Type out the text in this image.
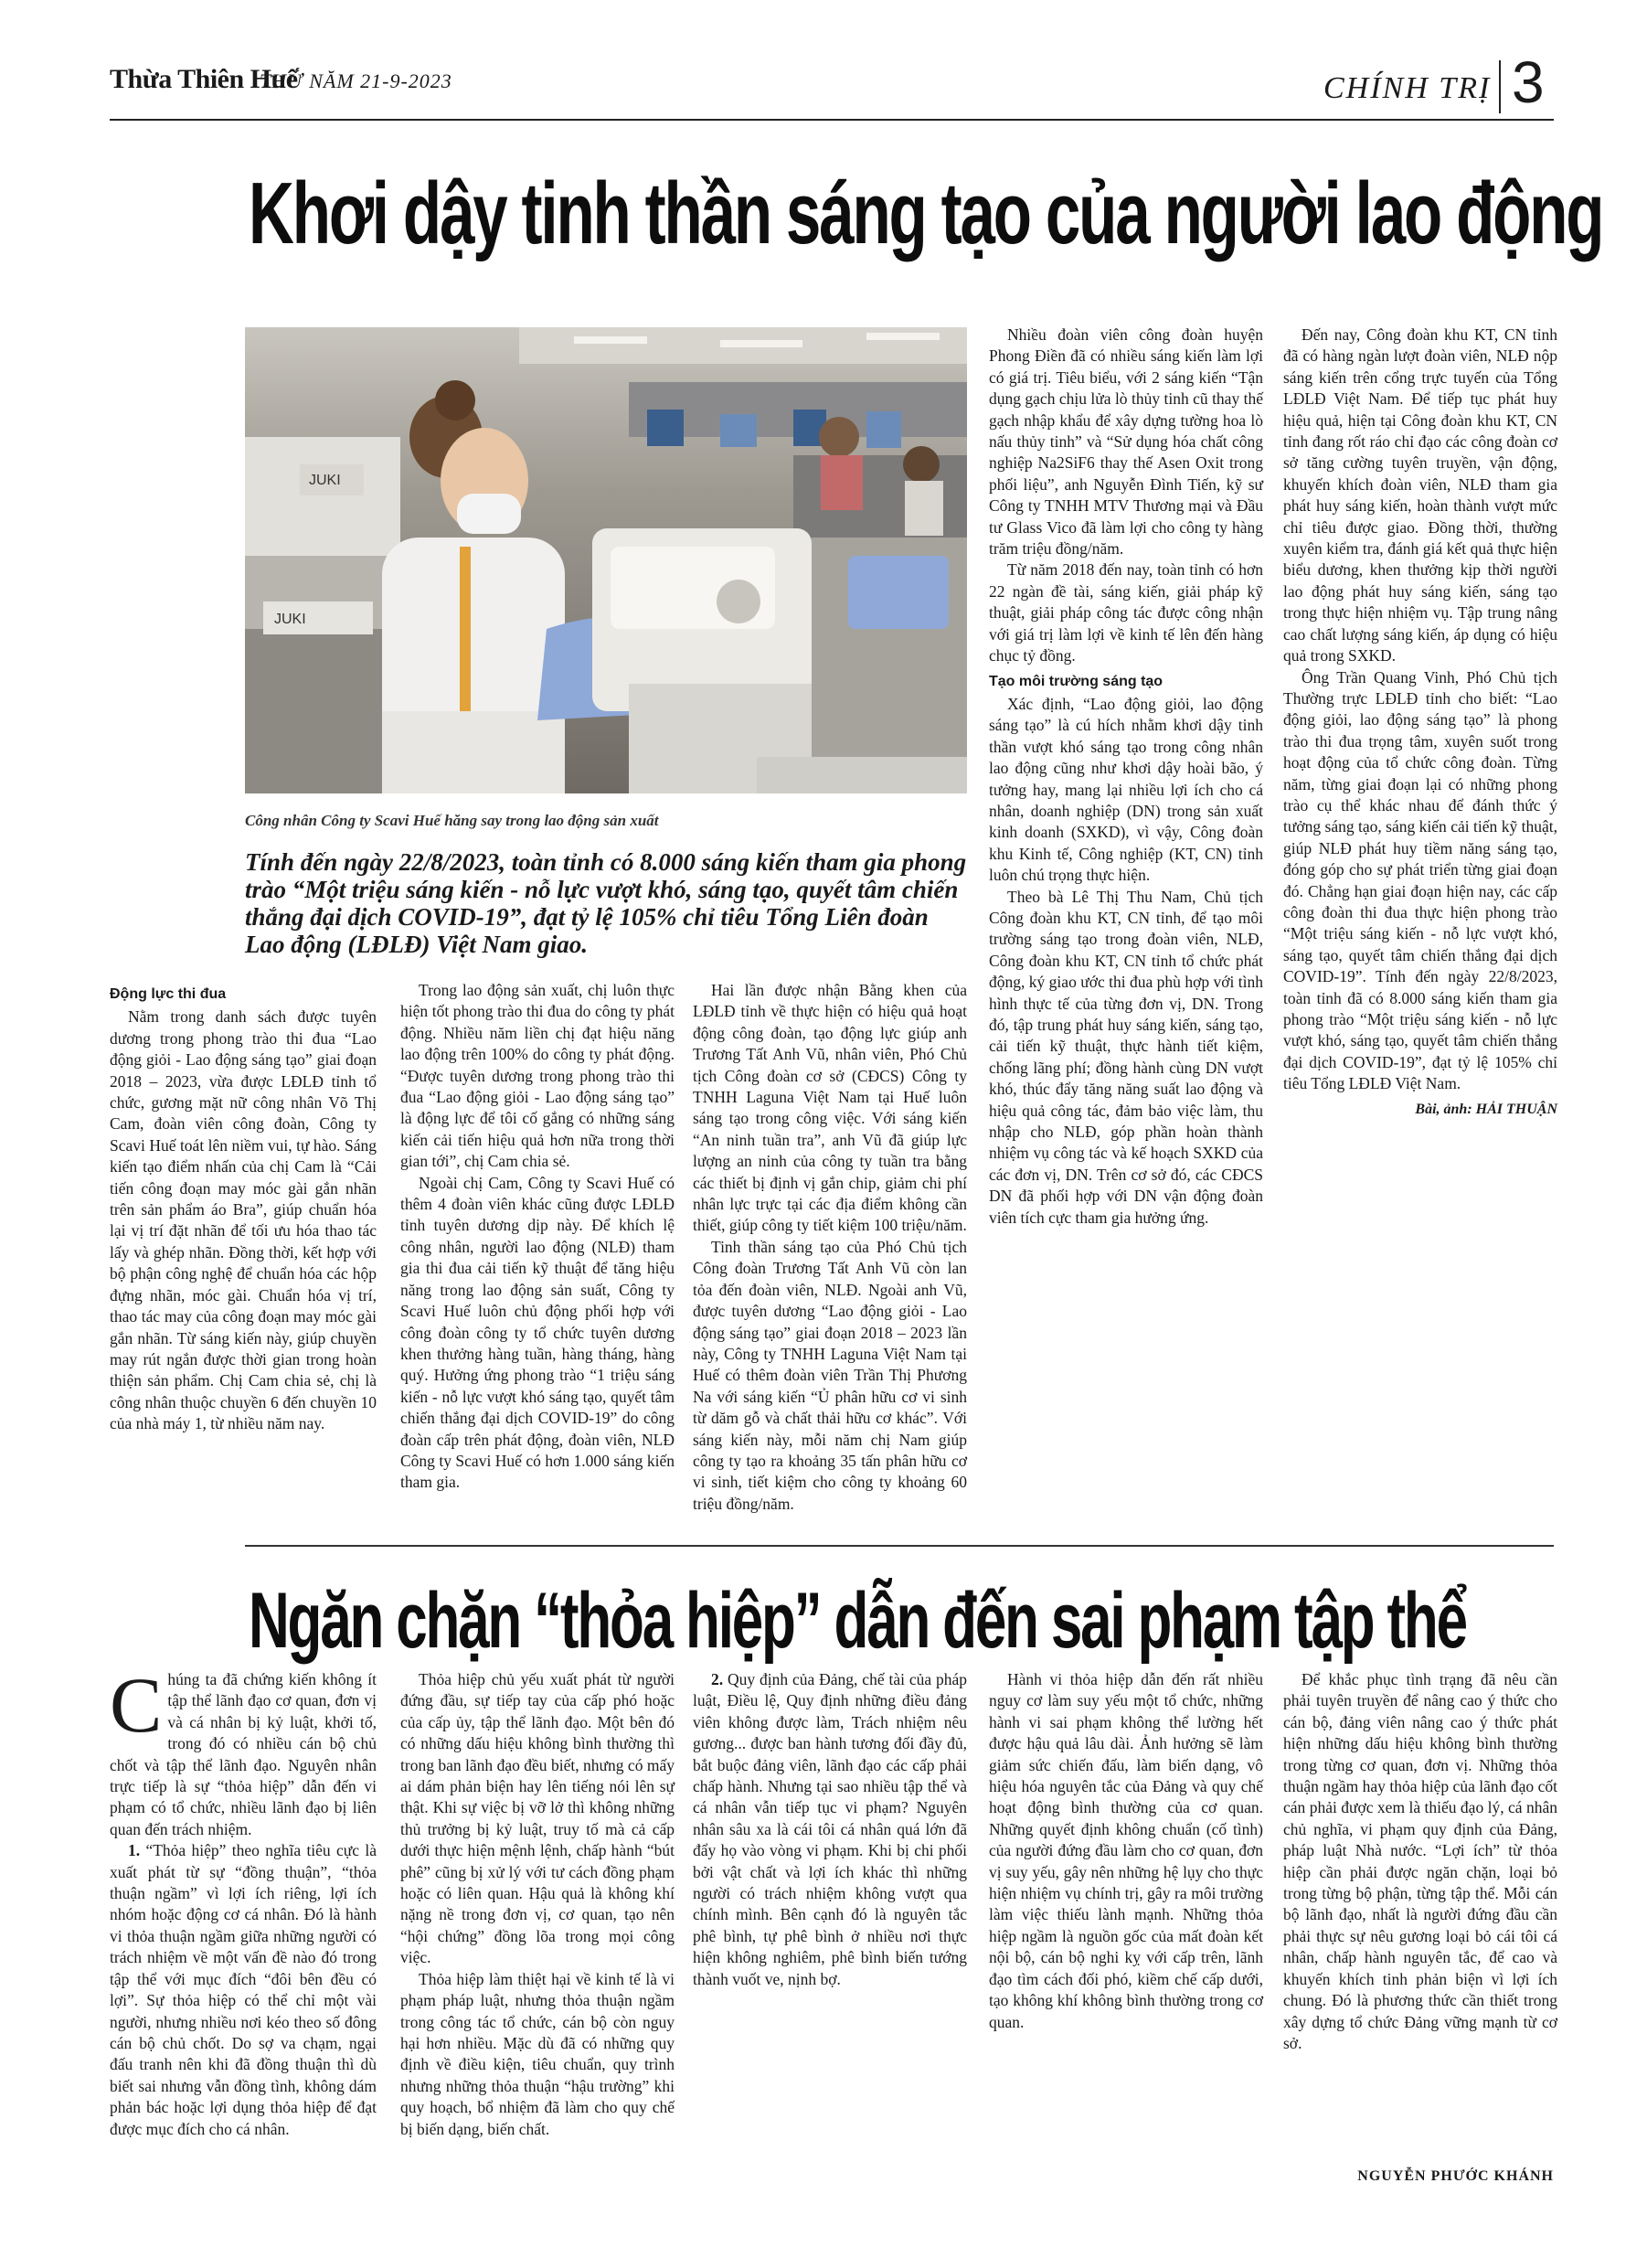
Thừa Thiên Huế
THỨ NĂM 21-9-2023	CHÍNH TRỊ 3
Khơi dậy tinh thần sáng tạo của người lao động
JUKI
JUKI
Công nhân Công ty Scavi Huế hăng say trong lao động sản xuất
Tính đến ngày 22/8/2023, toàn tỉnh có 8.000 sáng kiến tham gia phong trào “Một triệu sáng kiến - nỗ lực vượt khó, sáng tạo, quyết tâm chiến thắng đại dịch COVID-19”, đạt tỷ lệ 105% chỉ tiêu Tổng Liên đoàn Lao động (LĐLĐ) Việt Nam giao.

Động lực thi đua

Nằm trong danh sách được tuyên dương trong phong trào thi đua “Lao động giỏi - Lao động sáng tạo” giai đoạn 2018 – 2023, vừa được LĐLĐ tỉnh tổ chức, gương mặt nữ công nhân Võ Thị Cam, đoàn viên công đoàn, Công ty Scavi Huế toát lên niềm vui, tự hào. Sáng kiến tạo điểm nhấn của chị Cam là “Cải tiến công đoạn may móc gài gắn nhãn trên sản phẩm áo Bra”, giúp chuẩn hóa lại vị trí đặt nhãn để tối ưu hóa thao tác lấy và ghép nhãn. Đồng thời, kết hợp với bộ phận công nghệ để chuẩn hóa các hộp đựng nhãn, móc gài. Chuẩn hóa vị trí, thao tác may của công đoạn may móc gài gắn nhãn. Từ sáng kiến này, giúp chuyền may rút ngắn được thời gian trong hoàn thiện sản phẩm. Chị Cam chia sẻ, chị là công nhân thuộc chuyền 6 đến chuyền 10 của nhà máy 1, từ nhiều năm nay.

Trong lao động sản xuất, chị luôn thực hiện tốt phong trào thi đua do công ty phát động. Nhiều năm liền chị đạt hiệu năng lao động trên 100% do công ty phát động. “Được tuyên dương trong phong trào thi đua “Lao động giỏi - Lao động sáng tạo” là động lực để tôi cố gắng có những sáng kiến cải tiến hiệu quả hơn nữa trong thời gian tới”, chị Cam chia sẻ.

Ngoài chị Cam, Công ty Scavi Huế có thêm 4 đoàn viên khác cũng được LĐLĐ tỉnh tuyên dương dịp này. Để khích lệ công nhân, người lao động (NLĐ) tham gia thi đua cải tiến kỹ thuật để tăng hiệu năng trong lao động sản suất, Công ty Scavi Huế luôn chủ động phối hợp với công đoàn công ty tổ chức tuyên dương khen thưởng hàng tuần, hàng tháng, hàng quý. Hưởng ứng phong trào “1 triệu sáng kiến - nỗ lực vượt khó sáng tạo, quyết tâm chiến thắng đại dịch COVID-19” do công đoàn cấp trên phát động, đoàn viên, NLĐ Công ty Scavi Huế có hơn 1.000 sáng kiến tham gia.

Hai lần được nhận Bằng khen của LĐLĐ tỉnh về thực hiện có hiệu quả hoạt động công đoàn, tạo động lực giúp anh Trương Tất Anh Vũ, nhân viên, Phó Chủ tịch Công đoàn cơ sở (CĐCS) Công ty TNHH Laguna Việt Nam tại Huế luôn sáng tạo trong công việc. Với sáng kiến “An ninh tuần tra”, anh Vũ đã giúp lực lượng an ninh của công ty tuần tra bằng các thiết bị định vị gắn chip, giảm chi phí nhân lực trực tại các địa điểm không cần thiết, giúp công ty tiết kiệm 100 triệu/năm.

Tinh thần sáng tạo của Phó Chủ tịch Công đoàn Trương Tất Anh Vũ còn lan tỏa đến đoàn viên, NLĐ. Ngoài anh Vũ, được tuyên dương “Lao động giỏi - Lao động sáng tạo” giai đoạn 2018 – 2023 lần này, Công ty TNHH Laguna Việt Nam tại Huế có thêm đoàn viên Trần Thị Phương Na với sáng kiến “Ủ phân hữu cơ vi sinh từ dăm gỗ và chất thải hữu cơ khác”. Với sáng kiến này, mỗi năm chị Nam giúp công ty tạo ra khoảng 35 tấn phân hữu cơ vi sinh, tiết kiệm cho công ty khoảng 60 triệu đồng/năm.

Nhiều đoàn viên công đoàn huyện Phong Điền đã có nhiều sáng kiến làm lợi có giá trị. Tiêu biểu, với 2 sáng kiến “Tận dụng gạch chịu lửa lò thủy tinh cũ thay thế gạch nhập khẩu để xây dựng tường hoa lò nấu thủy tinh” và “Sử dụng hóa chất công nghiệp Na2SiF6 thay thế Asen Oxit trong phối liệu”, anh Nguyễn Đình Tiến, kỹ sư Công ty TNHH MTV Thương mại và Đầu tư Glass Vico đã làm lợi cho công ty hàng trăm triệu đồng/năm.

Từ năm 2018 đến nay, toàn tỉnh có hơn 22 ngàn đề tài, sáng kiến, giải pháp kỹ thuật, giải pháp công tác được công nhận với giá trị làm lợi về kinh tế lên đến hàng chục tỷ đồng.

Tạo môi trường sáng tạo

Xác định, “Lao động giỏi, lao động sáng tạo” là cú hích nhằm khơi dậy tinh thần vượt khó sáng tạo trong công nhân lao động cũng như khơi dậy hoài bão, ý tưởng hay, mang lại nhiều lợi ích cho cá nhân, doanh nghiệp (DN) trong sản xuất kinh doanh (SXKD), vì vậy, Công đoàn khu Kinh tế, Công nghiệp (KT, CN) tỉnh luôn chú trọng thực hiện.

Theo bà Lê Thị Thu Nam, Chủ tịch Công đoàn khu KT, CN tỉnh, để tạo môi trường sáng tạo trong đoàn viên, NLĐ, Công đoàn khu KT, CN tỉnh tổ chức phát động, ký giao ước thi đua phù hợp với tình hình thực tế của từng đơn vị, DN. Trong đó, tập trung phát huy sáng kiến, sáng tạo, cải tiến kỹ thuật, thực hành tiết kiệm, chống lãng phí; đồng hành cùng DN vượt khó, thúc đẩy tăng năng suất lao động và hiệu quả công tác, đảm bảo việc làm, thu nhập cho NLĐ, góp phần hoàn thành nhiệm vụ công tác và kế hoạch SXKD của các đơn vị, DN. Trên cơ sở đó, các CĐCS DN đã phối hợp với DN vận động đoàn viên tích cực tham gia hưởng ứng.

Đến nay, Công đoàn khu KT, CN tỉnh đã có hàng ngàn lượt đoàn viên, NLĐ nộp sáng kiến trên cổng trực tuyến của Tổng LĐLĐ Việt Nam. Để tiếp tục phát huy hiệu quả, hiện tại Công đoàn khu KT, CN tỉnh đang rốt ráo chỉ đạo các công đoàn cơ sở tăng cường tuyên truyền, vận động, khuyến khích đoàn viên, NLĐ tham gia phát huy sáng kiến, hoàn thành vượt mức chỉ tiêu được giao. Đồng thời, thường xuyên kiểm tra, đánh giá kết quả thực hiện biểu dương, khen thưởng kịp thời người lao động phát huy sáng kiến, sáng tạo trong thực hiện nhiệm vụ. Tập trung nâng cao chất lượng sáng kiến, áp dụng có hiệu quả trong SXKD.

Ông Trần Quang Vinh, Phó Chủ tịch Thường trực LĐLĐ tỉnh cho biết: “Lao động giỏi, lao động sáng tạo” là phong trào thi đua trọng tâm, xuyên suốt trong hoạt động của tổ chức công đoàn. Từng năm, từng giai đoạn lại có những phong trào cụ thể khác nhau để đánh thức ý tưởng sáng tạo, sáng kiến cải tiến kỹ thuật, giúp NLĐ phát huy tiềm năng sáng tạo, đóng góp cho sự phát triển từng giai đoạn đó. Chẳng hạn giai đoạn hiện nay, các cấp công đoàn thi đua thực hiện phong trào “Một triệu sáng kiến - nỗ lực vượt khó, sáng tạo, quyết tâm chiến thắng đại dịch COVID-19”. Tính đến ngày 22/8/2023, toàn tỉnh đã có 8.000 sáng kiến tham gia phong trào “Một triệu sáng kiến - nỗ lực vượt khó, sáng tạo, quyết tâm chiến thắng đại dịch COVID-19”, đạt tỷ lệ 105% chỉ tiêu Tổng LĐLĐ Việt Nam.

Bài, ảnh: HẢI THUẬN

Ngăn chặn “thỏa hiệp” dẫn đến sai phạm tập thể

Chúng ta đã chứng kiến không ít tập thể lãnh đạo cơ quan, đơn vị và cá nhân bị kỷ luật, khởi tố, trong đó có nhiều cán bộ chủ chốt và tập thể lãnh đạo. Nguyên nhân trực tiếp là sự “thỏa hiệp” dẫn đến vi phạm có tổ chức, nhiều lãnh đạo bị liên quan đến trách nhiệm.

1. “Thỏa hiệp” theo nghĩa tiêu cực là xuất phát từ sự “đồng thuận”, “thỏa thuận ngầm” vì lợi ích riêng, lợi ích nhóm hoặc động cơ cá nhân. Đó là hành vi thỏa thuận ngầm giữa những người có trách nhiệm về một vấn đề nào đó trong tập thể với mục đích “đôi bên đều có lợi”. Sự thỏa hiệp có thể chỉ một vài người, nhưng nhiều nơi kéo theo số đông cán bộ chủ chốt. Do sợ va chạm, ngại đấu tranh nên khi đã đồng thuận thì dù biết sai nhưng vẫn đồng tình, không dám phản bác hoặc lợi dụng thỏa hiệp để đạt được mục đích cho cá nhân.

Thỏa hiệp chủ yếu xuất phát từ người đứng đầu, sự tiếp tay của cấp phó hoặc của cấp ủy, tập thể lãnh đạo. Một bên đó có những dấu hiệu không bình thường thì trong ban lãnh đạo đều biết, nhưng có mấy ai dám phản biện hay lên tiếng nói lên sự thật. Khi sự việc bị vỡ lở thì không những thủ trưởng bị kỷ luật, truy tố mà cả cấp dưới thực hiện mệnh lệnh, chấp hành “bút phê” cũng bị xử lý với tư cách đồng phạm hoặc có liên quan. Hậu quả là không khí nặng nề trong đơn vị, cơ quan, tạo nên “hội chứng” đồng lõa trong mọi công việc.

Thỏa hiệp làm thiệt hại về kinh tế là vi phạm pháp luật, nhưng thỏa thuận ngầm trong công tác tổ chức, cán bộ còn nguy hại hơn nhiều. Mặc dù đã có những quy định về điều kiện, tiêu chuẩn, quy trình nhưng những thỏa thuận “hậu trường” khi quy hoạch, bổ nhiệm đã làm cho quy chế bị biến dạng, biến chất.

2. Quy định của Đảng, chế tài của pháp luật, Điều lệ, Quy định những điều đảng viên không được làm, Trách nhiệm nêu gương... được ban hành tương đối đầy đủ, bắt buộc đảng viên, lãnh đạo các cấp phải chấp hành. Nhưng tại sao nhiều tập thể và cá nhân vẫn tiếp tục vi phạm? Nguyên nhân sâu xa là cái tôi cá nhân quá lớn đã đẩy họ vào vòng vi phạm. Khi bị chi phối bởi vật chất và lợi ích khác thì những người có trách nhiệm không vượt qua chính mình. Bên cạnh đó là nguyên tắc phê bình, tự phê bình ở nhiều nơi thực hiện không nghiêm, phê bình biến tướng thành vuốt ve, nịnh bợ.

Hành vi thỏa hiệp dẫn đến rất nhiều nguy cơ làm suy yếu một tổ chức, những hành vi sai phạm không thể lường hết được hậu quả lâu dài. Ảnh hưởng sẽ làm giảm sức chiến đấu, làm biến dạng, vô hiệu hóa nguyên tắc của Đảng và quy chế hoạt động bình thường của cơ quan. Những quyết định không chuẩn (cố tình) của người đứng đầu làm cho cơ quan, đơn vị suy yếu, gây nên những hệ lụy cho thực hiện nhiệm vụ chính trị, gây ra môi trường làm việc thiếu lành mạnh. Những thỏa hiệp ngầm là nguồn gốc của mất đoàn kết nội bộ, cán bộ nghi kỵ với cấp trên, lãnh đạo tìm cách đối phó, kiềm chế cấp dưới, tạo không khí không bình thường trong cơ quan.

Để khắc phục tình trạng đã nêu cần phải tuyên truyền để nâng cao ý thức cho cán bộ, đảng viên nâng cao ý thức phát hiện những dấu hiệu không bình thường trong từng cơ quan, đơn vị. Những thỏa thuận ngầm hay thỏa hiệp của lãnh đạo cốt cán phải được xem là thiếu đạo lý, cá nhân chủ nghĩa, vi phạm quy định của Đảng, pháp luật Nhà nước. “Lợi ích” từ thỏa hiệp cần phải được ngăn chặn, loại bỏ trong từng bộ phận, từng tập thể. Mỗi cán bộ lãnh đạo, nhất là người đứng đầu cần phải thực sự nêu gương loại bỏ cái tôi cá nhân, chấp hành nguyên tắc, để cao và khuyến khích tinh phản biện vì lợi ích chung. Đó là phương thức cần thiết trong xây dựng tổ chức Đảng vững mạnh từ cơ sở.

NGUYỄN PHƯỚC KHÁNH
